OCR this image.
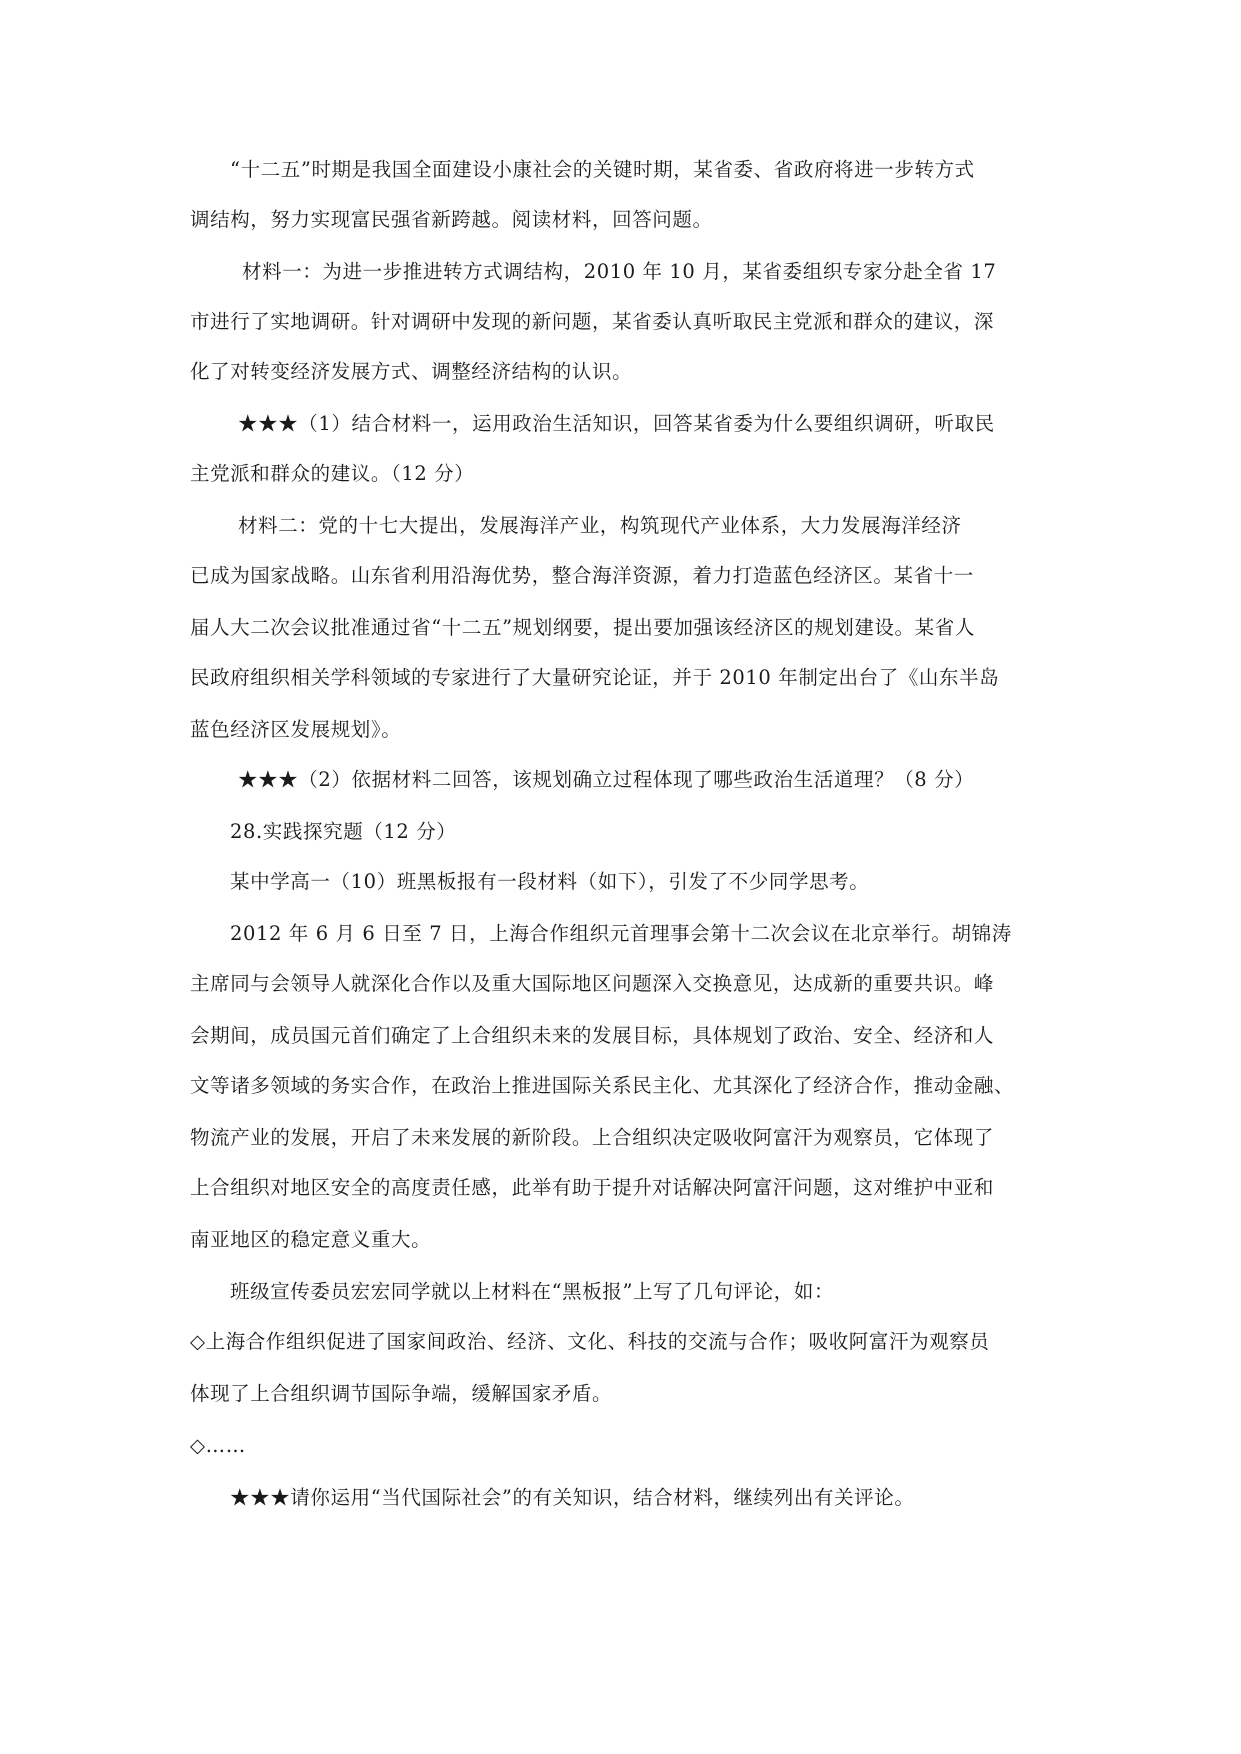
“十二五”时期是我国全面建设小康社会的关键时期，某省委、省政府将进一步转方式

调结构，努力实现富民强省新跨越。阅读材料，回答问题。

材料一：为进一步推进转方式调结构，2010 年 10 月，某省委组织专家分赴全省 17

市进行了实地调研。针对调研中发现的新问题，某省委认真听取民主党派和群众的建议，深

化了对转变经济发展方式、调整经济结构的认识。

★★★（1）结合材料一，运用政治生活知识，回答某省委为什么要组织调研，听取民

主党派和群众的建议。（12 分）

材料二：党的十七大提出，发展海洋产业，构筑现代产业体系，大力发展海洋经济

已成为国家战略。山东省利用沿海优势，整合海洋资源，着力打造蓝色经济区。某省十一

届人大二次会议批准通过省“十二五”规划纲要，提出要加强该经济区的规划建设。某省人

民政府组织相关学科领域的专家进行了大量研究论证，并于 2010 年制定出台了《山东半岛

蓝色经济区发展规划》。

★★★（2）依据材料二回答，该规划确立过程体现了哪些政治生活道理？（8 分）

28.实践探究题（12 分）

某中学高一（10）班黑板报有一段材料（如下），引发了不少同学思考。

2012 年 6 月 6 日至 7 日，上海合作组织元首理事会第十二次会议在北京举行。胡锦涛

主席同与会领导人就深化合作以及重大国际地区问题深入交换意见，达成新的重要共识。峰

会期间，成员国元首们确定了上合组织未来的发展目标，具体规划了政治、安全、经济和人

文等诸多领域的务实合作，在政治上推进国际关系民主化、尤其深化了经济合作，推动金融、

物流产业的发展，开启了未来发展的新阶段。上合组织决定吸收阿富汗为观察员，它体现了

上合组织对地区安全的高度责任感，此举有助于提升对话解决阿富汗问题，这对维护中亚和

南亚地区的稳定意义重大。

班级宣传委员宏宏同学就以上材料在“黑板报”上写了几句评论，如：

◇上海合作组织促进了国家间政治、经济、文化、科技的交流与合作；吸收阿富汗为观察员

体现了上合组织调节国际争端，缓解国家矛盾。

◇……

★★★请你运用“当代国际社会”的有关知识，结合材料，继续列出有关评论。
